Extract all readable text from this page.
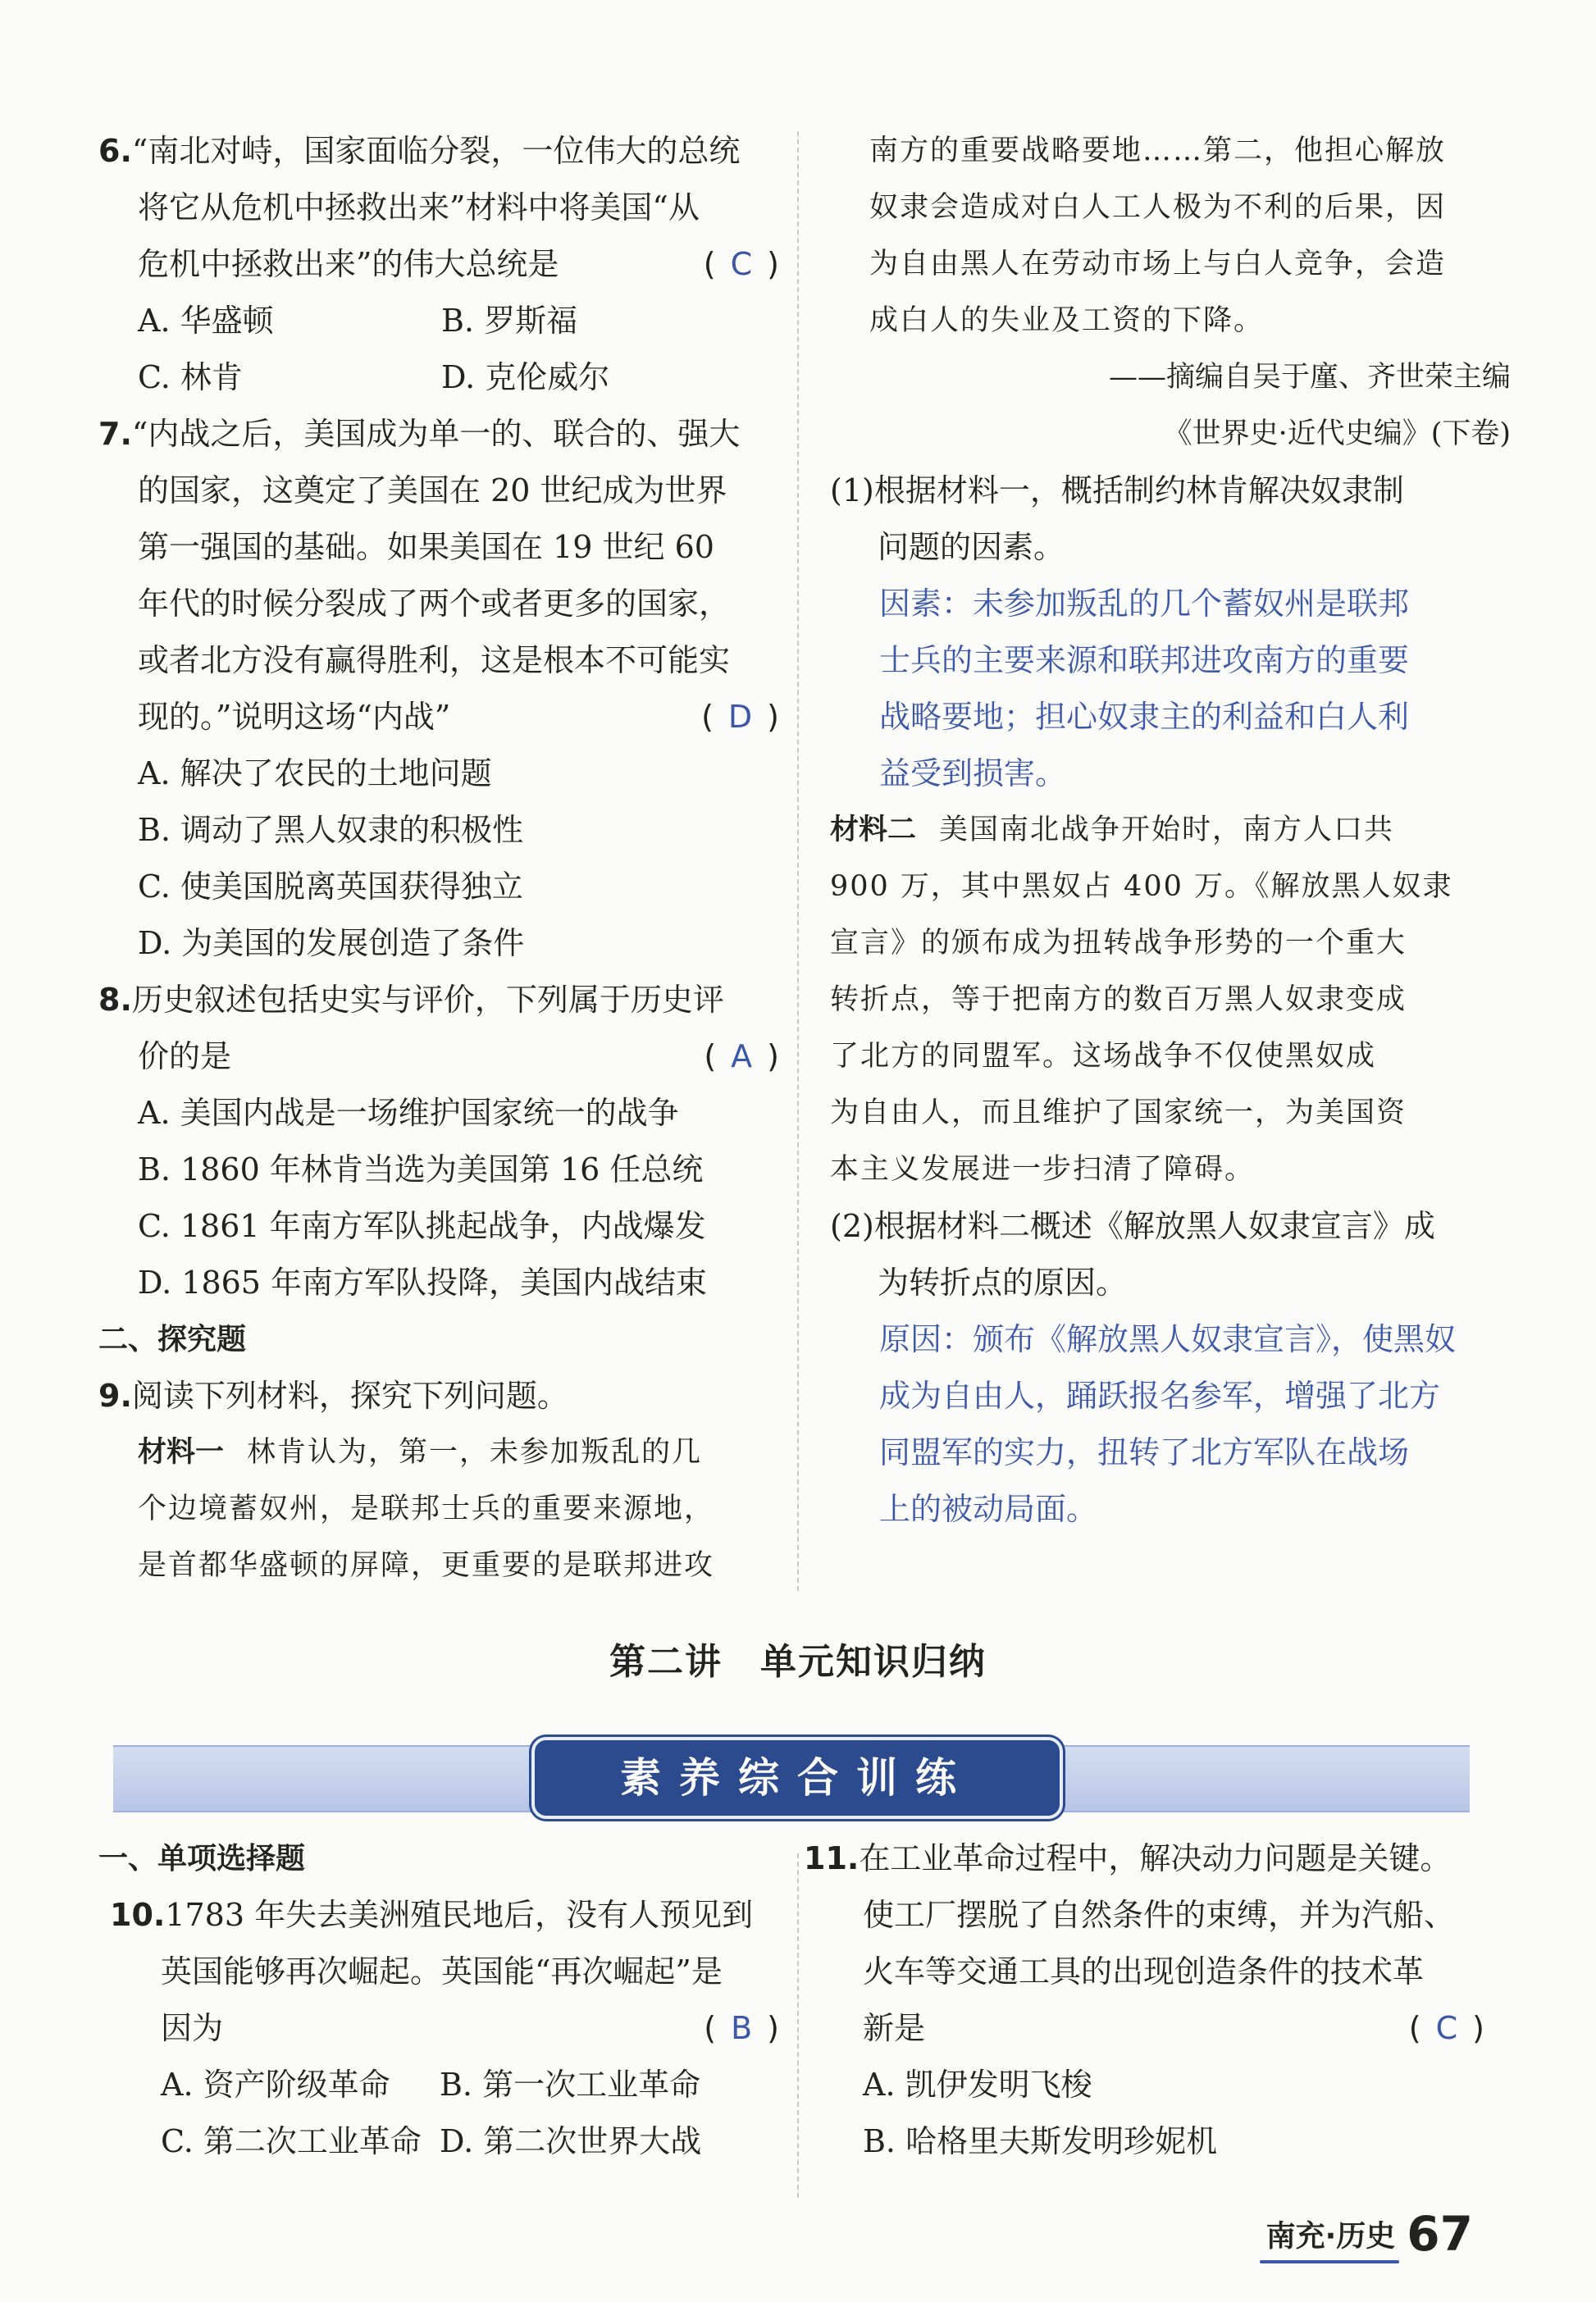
6.“南北对峙，国家面临分裂，一位伟大的总统
将它从危机中拯救出来”材料中将美国“从
危机中拯救出来”的伟大总统是	( C )
A. 华盛顿	B. 罗斯福
C. 林肯	D. 克伦威尔
7.“内战之后，美国成为单一的、联合的、强大
的国家，这奠定了美国在 20 世纪成为世界
第一强国的基础。如果美国在 19 世纪 60
年代的时候分裂成了两个或者更多的国家，
或者北方没有赢得胜利，这是根本不可能实
现的。”说明这场“内战”	( D )
A. 解决了农民的土地问题
B. 调动了黑人奴隶的积极性
C. 使美国脱离英国获得独立
D. 为美国的发展创造了条件
8.历史叙述包括史实与评价，下列属于历史评
价的是	( A )
A. 美国内战是一场维护国家统一的战争
B. 1860 年林肯当选为美国第 16 任总统
C. 1861 年南方军队挑起战争，内战爆发
D. 1865 年南方军队投降，美国内战结束
二、探究题
9.阅读下列材料，探究下列问题。
材料一 林肯认为，第一，未参加叛乱的几
个边境蓄奴州，是联邦士兵的重要来源地，
是首都华盛顿的屏障，更重要的是联邦进攻
南方的重要战略要地……第二，他担心解放
奴隶会造成对白人工人极为不利的后果，因
为自由黑人在劳动市场上与白人竞争，会造
成白人的失业及工资的下降。
——摘编自吴于廑、齐世荣主编
《世界史·近代史编》(下卷)
(1)根据材料一，概括制约林肯解决奴隶制
问题的因素。
因素：未参加叛乱的几个蓄奴州是联邦
士兵的主要来源和联邦进攻南方的重要
战略要地；担心奴隶主的利益和白人利
益受到损害。
材料二 美国南北战争开始时，南方人口共
900 万，其中黑奴占 400 万。《解放黑人奴隶
宣言》的颁布成为扭转战争形势的一个重大
转折点，等于把南方的数百万黑人奴隶变成
了北方的同盟军。这场战争不仅使黑奴成
为自由人，而且维护了国家统一，为美国资
本主义发展进一步扫清了障碍。
(2)根据材料二概述《解放黑人奴隶宣言》成
为转折点的原因。
原因：颁布《解放黑人奴隶宣言》，使黑奴
成为自由人，踊跃报名参军，增强了北方
同盟军的实力，扭转了北方军队在战场
上的被动局面。
第二讲　单元知识归纳
素养综合训练
一、单项选择题
10.1783 年失去美洲殖民地后，没有人预见到
英国能够再次崛起。英国能“再次崛起”是
因为	( B )
A. 资产阶级革命	B. 第一次工业革命
C. 第二次工业革命 D. 第二次世界大战
11.在工业革命过程中，解决动力问题是关键。
使工厂摆脱了自然条件的束缚，并为汽船、
火车等交通工具的出现创造条件的技术革
新是	( C )
A. 凯伊发明飞梭
B. 哈格里夫斯发明珍妮机
南充·历史 67
